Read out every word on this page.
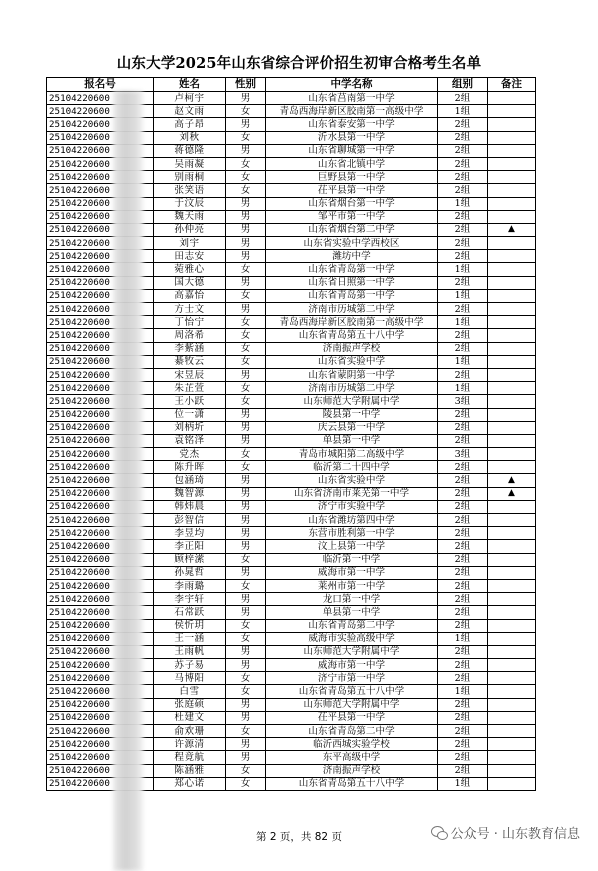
山东大学2025年山东省综合评价招生初审合格考生名单
报名号	姓名	性别	中学名称	组别	备注
25104220600	卢柯宇	男	山东省莒南第一中学	2组	
25104220600	赵文雨	女	青岛西海岸新区胶南第一高级中学	1组	
25104220600	高子昂	男	山东省泰安第一中学	2组	
25104220600	刘秋	女	沂水县第一中学	2组	
25104220600	蒋德隆	男	山东省聊城第一中学	2组	
25104220600	吴雨凝	女	山东省北镇中学	2组	
25104220600	别雨桐	女	巨野县第一中学	2组	
25104220600	张笑语	女	茌平县第一中学	2组	
25104220600	于汶辰	男	山东省烟台第一中学	1组	
25104220600	魏天雨	男	邹平市第一中学	2组	
25104220600	孙仲亮	男	山东省烟台第二中学	2组	▲
25104220600	刘宇	男	山东省实验中学西校区	2组	
25104220600	田志安	男	潍坊中学	2组	
25104220600	菀雅心	女	山东省青岛第一中学	1组	
25104220600	国大德	男	山东省日照第一中学	2组	
25104220600	高嘉怡	女	山东省青岛第一中学	1组	
25104220600	方士文	男	济南市历城第二中学	2组	
25104220600	丁怡宁	女	青岛西海岸新区胶南第一高级中学	1组	
25104220600	周洛希	女	山东省青岛第五十八中学	2组	
25104220600	李紫涵	女	济南振声学校	2组	
25104220600	綦牧云	女	山东省实验中学	1组	
25104220600	宋昱辰	男	山东省蒙阴第一中学	2组	
25104220600	朱芷萱	女	济南市历城第二中学	1组	
25104220600	王小跃	女	山东师范大学附属中学	3组	
25104220600	位一潇	男	陵县第一中学	2组	
25104220600	刘柄圻	男	庆云县第一中学	2组	
25104220600	袁铭泽	男	单县第一中学	2组	
25104220600	党杰	女	青岛市城阳第二高级中学	3组	
25104220600	陈升晖	女	临沂第二十四中学	2组	
25104220600	包涵琦	男	山东省实验中学	2组	▲
25104220600	魏智源	男	山东省济南市莱芜第一中学	2组	▲
25104220600	韩炜晨	男	济宁市实验中学	2组	
25104220600	彭智信	男	山东省潍坊第四中学	2组	
25104220600	李昱均	男	东营市胜利第一中学	2组	
25104220600	李正阳	男	汶上县第一中学	2组	
25104220600	顾梓潆	女	临沂第一中学	2组	
25104220600	孙晁哲	男	威海市第一中学	2组	
25104220600	李雨璐	女	莱州市第一中学	2组	
25104220600	李宇轩	男	龙口第一中学	2组	
25104220600	石常跃	男	单县第一中学	2组	
25104220600	侯忻玥	女	山东省青岛第二中学	2组	
25104220600	王一涵	女	威海市实验高级中学	1组	
25104220600	王雨帆	男	山东师范大学附属中学	2组	
25104220600	苏子易	男	威海市第一中学	2组	
25104220600	马博阳	女	济宁市第一中学	2组	
25104220600	白雪	女	山东省青岛第五十八中学	1组	
25104220600	张庭硕	男	山东师范大学附属中学	2组	
25104220600	杜建文	男	茌平县第一中学	2组	
25104220600	俞欢珊	女	山东省青岛第二中学	2组	
25104220600	许源清	男	临沂西城实验学校	2组	
25104220600	程竟航	男	东平高级中学	2组	
25104220600	陈涵雅	女	济南振声学校	2组	
25104220600	郑心诺	女	山东省青岛第五十八中学	1组	
第 2 页，共 82 页	公众号 · 山东教育信息
